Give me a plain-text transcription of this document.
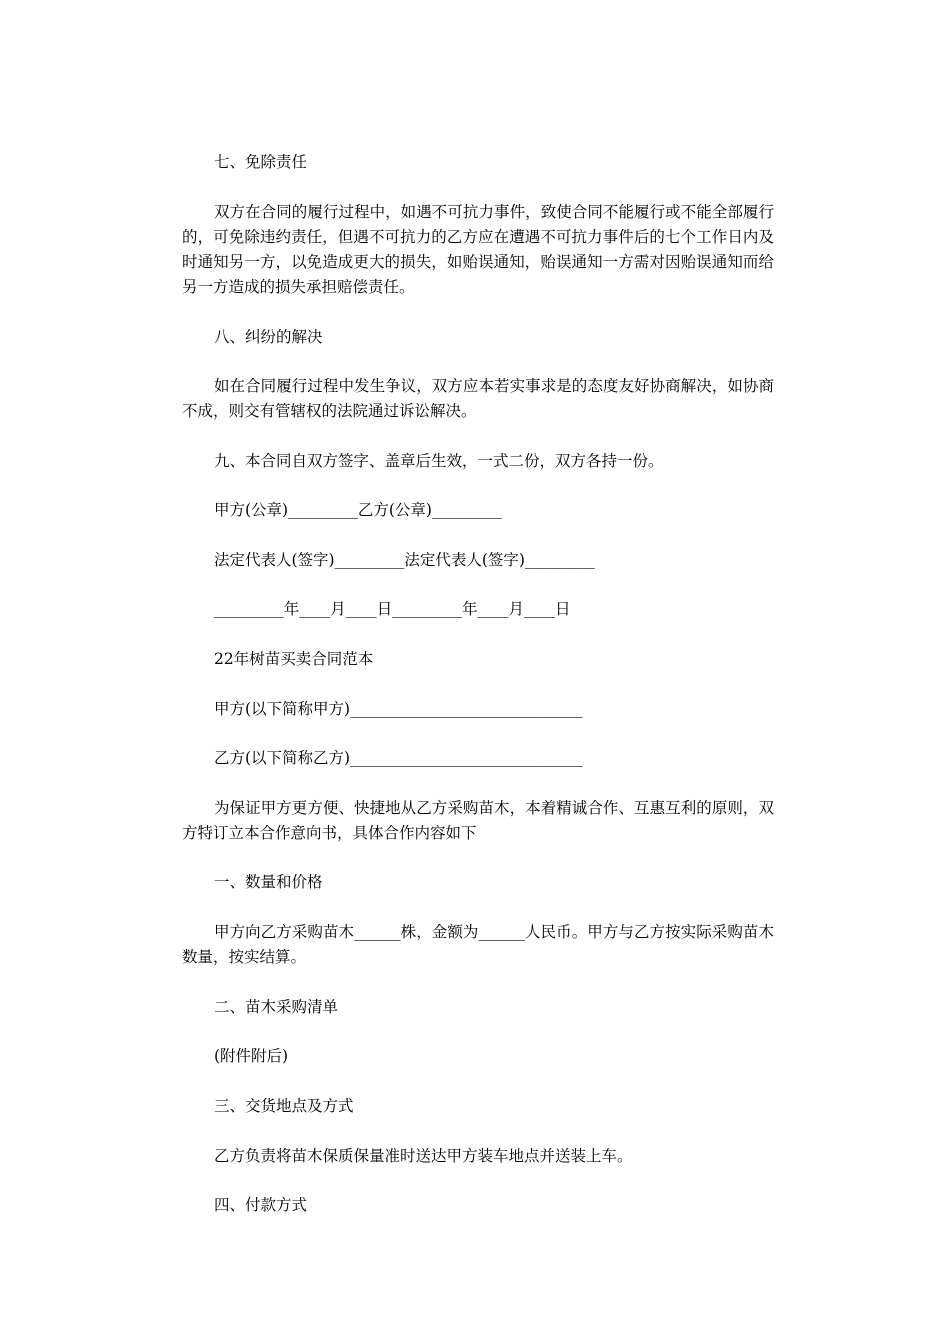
七、免除责任
双方在合同的履行过程中，如遇不可抗力事件，致使合同不能履行或不能全部履行的，可免除违约责任，但遇不可抗力的乙方应在遭遇不可抗力事件后的七个工作日内及时通知另一方，以免造成更大的损失，如贻误通知，贻误通知一方需对因贻误通知而给另一方造成的损失承担赔偿责任。
八、纠纷的解决
如在合同履行过程中发生争议，双方应本若实事求是的态度友好协商解决，如协商不成，则交有管辖权的法院通过诉讼解决。
九、本合同自双方签字、盖章后生效，一式二份，双方各持一份。
甲方(公章)_________乙方(公章)_________
法定代表人(签字)_________法定代表人(签字)_________
_________年____月____日_________年____月____日
22年树苗买卖合同范本
甲方(以下简称甲方)______________________________
乙方(以下简称乙方)______________________________
为保证甲方更方便、快捷地从乙方采购苗木，本着精诚合作、互惠互利的原则，双方特订立本合作意向书，具体合作内容如下
一、数量和价格
甲方向乙方采购苗木______株，金额为______人民币。甲方与乙方按实际采购苗木数量，按实结算。
二、苗木采购清单
(附件附后)
三、交货地点及方式
乙方负责将苗木保质保量准时送达甲方装车地点并送装上车。
四、付款方式
